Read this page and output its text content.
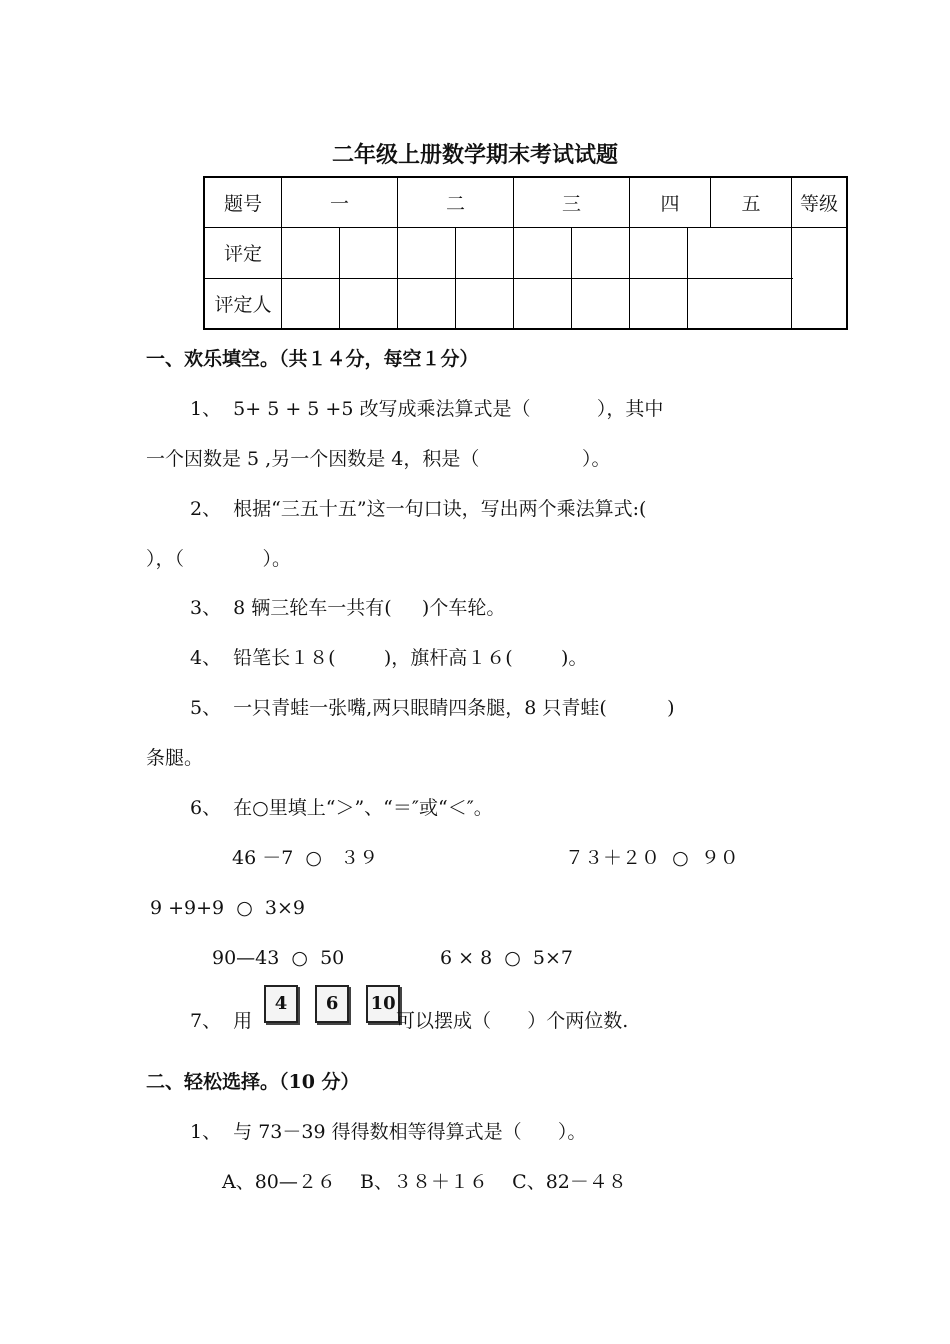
二年级上册数学期末考试试题
题号	一		二		三		四		五	等级
评定										
评定人										
一、欢乐填空。（共１４分，每空１分）
1、  5+ 5 + 5 +5 改写成乘法算式是（           ），其中
一个因数是 5 ,另一个因数是 4，积是（                 ）。
2、  根据“三五十五”这一句口诀，写出两个乘法算式:(
），（             ）。
3、  8 辆三轮车一共有(     )个车轮。
4、  铅笔长１８(        )，旗杆高１６(        )。
5、  一只青蛙一张嘴,两只眼睛四条腿，8 只青蛙(          )
条腿。
6、  在○里填上“＞”、“＝″或“＜″。
46 －7  ○   ３９	７３＋２０  ○  ９０
9 +9+9  ○  3×9
90—43  ○  50	6 × 8  ○  5×7
7、  用
4 6 10
可以摆成（      ）个两位数.
二、轻松选择。（10 分）
1、  与 73－39 得得数相等得算式是（      ）。
A、80—２６    B、３８＋１６    C、82－４８
